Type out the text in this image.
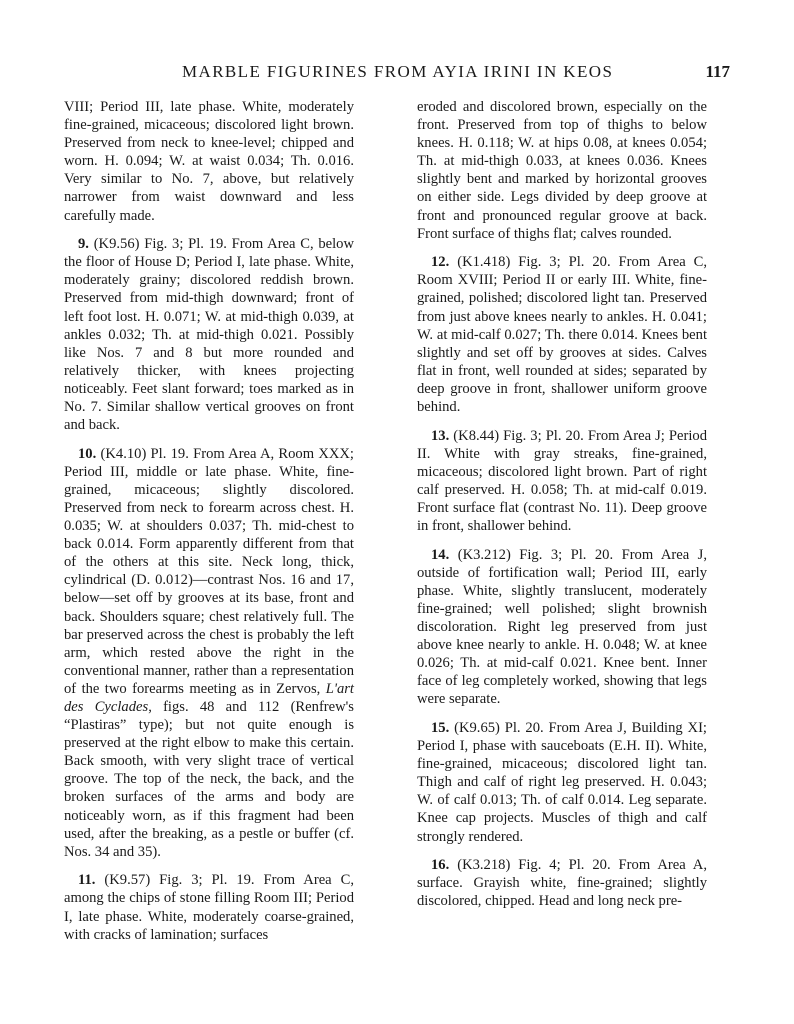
MARBLE FIGURINES FROM AYIA IRINI IN KEOS	117

VIII; Period III, late phase. White, moderately fine-grained, micaceous; discolored light brown. Preserved from neck to knee-level; chipped and worn. H. 0.094; W. at waist 0.034; Th. 0.016. Very similar to No. 7, above, but relatively narrower from waist downward and less carefully made.

9. (K9.56) Fig. 3; Pl. 19. From Area C, below the floor of House D; Period I, late phase. White, moderately grainy; discolored reddish brown. Preserved from mid-thigh downward; front of left foot lost. H. 0.071; W. at mid-thigh 0.039, at ankles 0.032; Th. at mid-thigh 0.021. Possibly like Nos. 7 and 8 but more rounded and relatively thicker, with knees projecting noticeably. Feet slant forward; toes marked as in No. 7. Similar shallow vertical grooves on front and back.

10. (K4.10) Pl. 19. From Area A, Room XXX; Period III, middle or late phase. White, fine-grained, micaceous; slightly discolored. Preserved from neck to forearm across chest. H. 0.035; W. at shoulders 0.037; Th. mid-chest to back 0.014. Form apparently different from that of the others at this site. Neck long, thick, cylindrical (D. 0.012)—contrast Nos. 16 and 17, below—set off by grooves at its base, front and back. Shoulders square; chest relatively full. The bar preserved across the chest is probably the left arm, which rested above the right in the conventional manner, rather than a representation of the two forearms meeting as in Zervos, L'art des Cyclades, figs. 48 and 112 (Renfrew's “Plastiras” type); but not quite enough is preserved at the right elbow to make this certain. Back smooth, with very slight trace of vertical groove. The top of the neck, the back, and the broken surfaces of the arms and body are noticeably worn, as if this fragment had been used, after the breaking, as a pestle or buffer (cf. Nos. 34 and 35).

11. (K9.57) Fig. 3; Pl. 19. From Area C, among the chips of stone filling Room III; Period I, late phase. White, moderately coarse-grained, with cracks of lamination; surfaces

eroded and discolored brown, especially on the front. Preserved from top of thighs to below knees. H. 0.118; W. at hips 0.08, at knees 0.054; Th. at mid-thigh 0.033, at knees 0.036. Knees slightly bent and marked by horizontal grooves on either side. Legs divided by deep groove at front and pronounced regular groove at back. Front surface of thighs flat; calves rounded.

12. (K1.418) Fig. 3; Pl. 20. From Area C, Room XVIII; Period II or early III. White, fine-grained, polished; discolored light tan. Preserved from just above knees nearly to ankles. H. 0.041; W. at mid-calf 0.027; Th. there 0.014. Knees bent slightly and set off by grooves at sides. Calves flat in front, well rounded at sides; separated by deep groove in front, shallower uniform groove behind.

13. (K8.44) Fig. 3; Pl. 20. From Area J; Period II. White with gray streaks, fine-grained, micaceous; discolored light brown. Part of right calf preserved. H. 0.058; Th. at mid-calf 0.019. Front surface flat (contrast No. 11). Deep groove in front, shallower behind.

14. (K3.212) Fig. 3; Pl. 20. From Area J, outside of fortification wall; Period III, early phase. White, slightly translucent, moderately fine-grained; well polished; slight brownish discoloration. Right leg preserved from just above knee nearly to ankle. H. 0.048; W. at knee 0.026; Th. at mid-calf 0.021. Knee bent. Inner face of leg completely worked, showing that legs were separate.

15. (K9.65) Pl. 20. From Area J, Building XI; Period I, phase with sauceboats (E.H. II). White, fine-grained, micaceous; discolored light tan. Thigh and calf of right leg preserved. H. 0.043; W. of calf 0.013; Th. of calf 0.014. Leg separate. Knee cap projects. Muscles of thigh and calf strongly rendered.

16. (K3.218) Fig. 4; Pl. 20. From Area A, surface. Grayish white, fine-grained; slightly discolored, chipped. Head and long neck pre-
